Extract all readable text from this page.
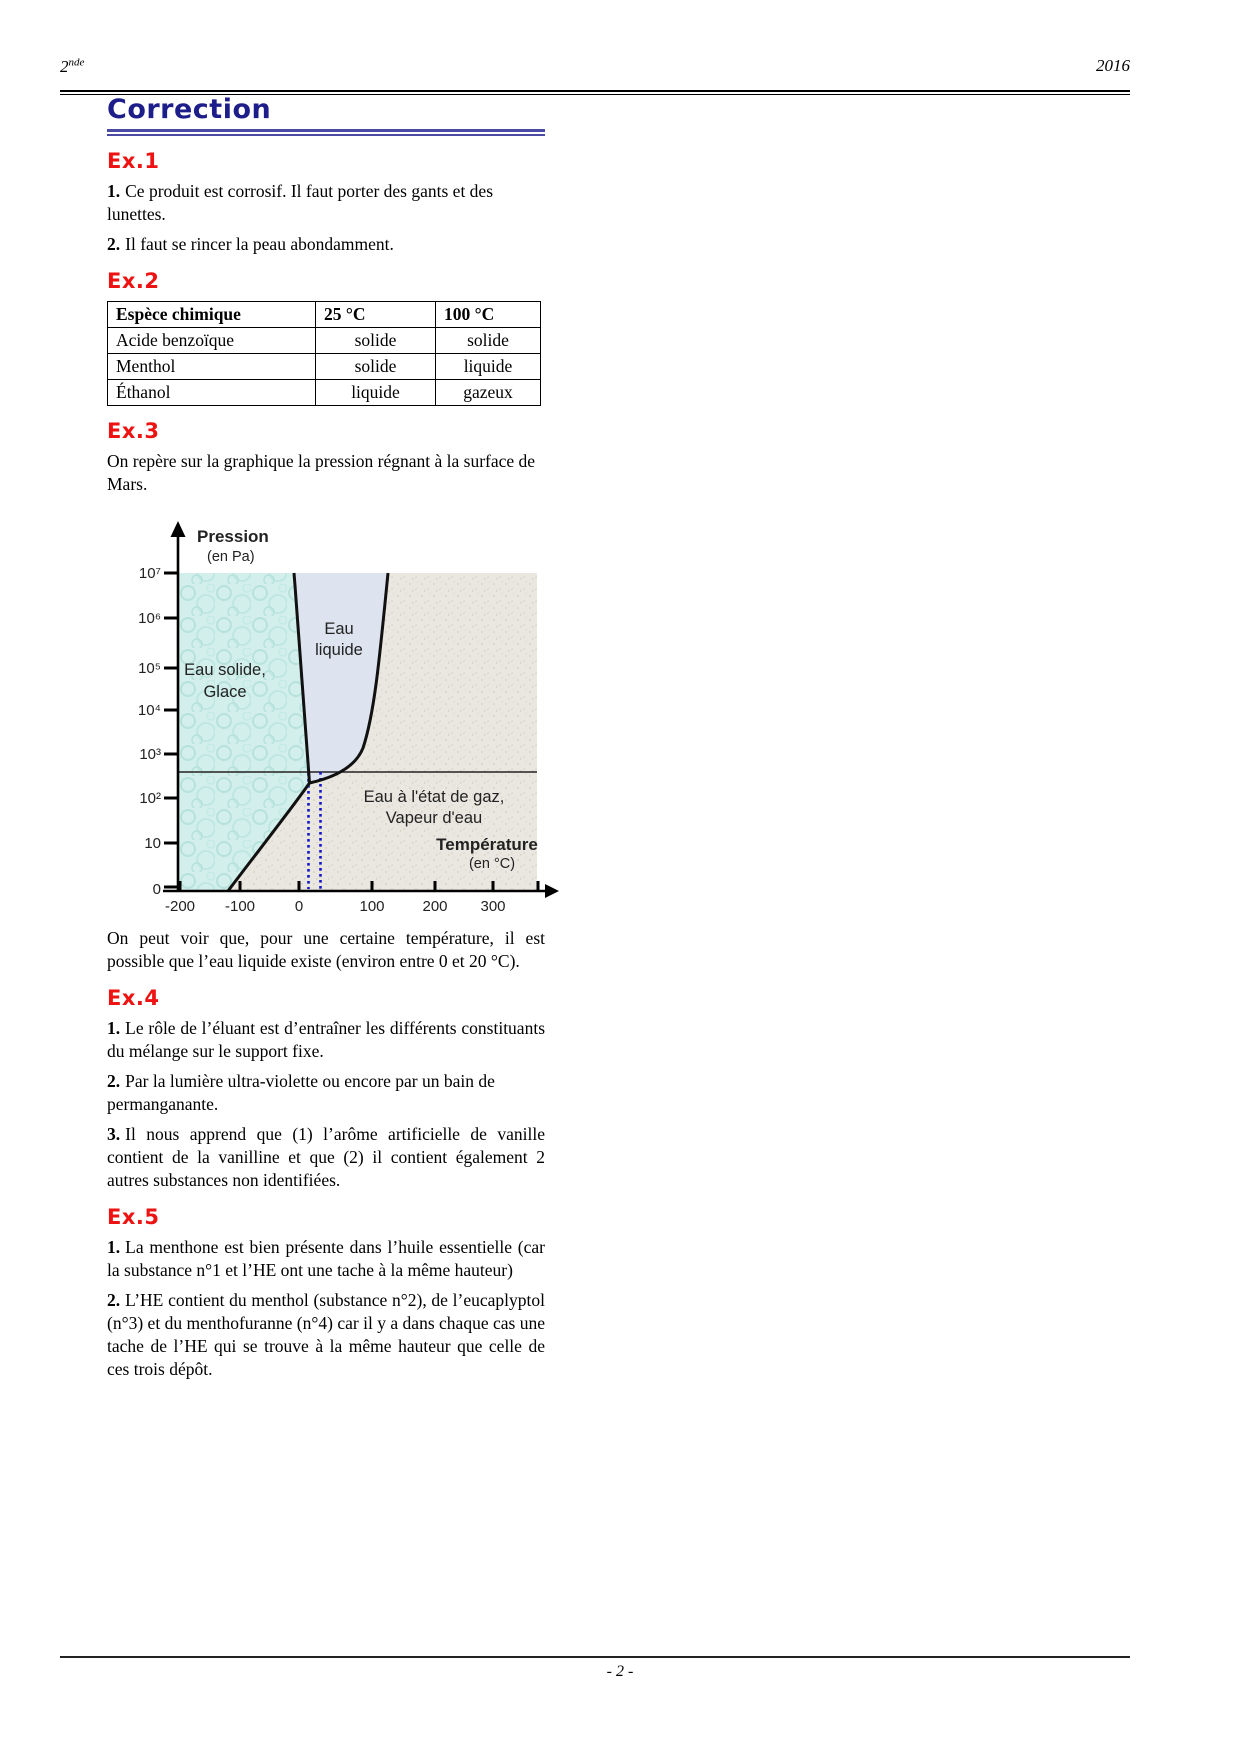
2nde	2016
Correction
Ex.1

1. Ce produit est corrosif. Il faut porter des gants et des lunettes.

2. Il faut se rincer la peau abondamment.

Ex.2
Espèce chimique	25 °C	100 °C
Acide benzoïque	solide	solide
Menthol	solide	liquide
Éthanol	liquide	gazeux
Ex.3

On repère sur la graphique la pression régnant à la surface de Mars.

10⁷
10⁶
10⁵
10⁴
10³
10²
10
0
-200 -100	0	100	200 300
Pression
(en Pa)
Température
(en °C)
Eau solide,
Glace
Eau
liquide
Eau à l'état de gaz,
Vapeur d'eau

On peut voir que, pour une certaine température, il est possible que l’eau liquide existe (environ entre 0 et 20 °C).

Ex.4

1. Le rôle de l’éluant est d’entraîner les différents constituants du mélange sur le support fixe.

2. Par la lumière ultra-violette ou encore par un bain de permanganante.

3. Il nous apprend que (1) l’arôme artificielle de vanille contient de la vanilline et que (2) il contient également 2 autres substances non identifiées.

Ex.5

1. La menthone est bien présente dans l’huile essentielle (car la substance n°1 et l’HE ont une tache à la même hauteur)

2. L’HE contient du menthol (substance n°2), de l’eucaplyptol (n°3) et du menthofuranne (n°4) car il y a dans chaque cas une tache de l’HE qui se trouve à la même hauteur que celle de ces trois dépôt.

- 2 -
